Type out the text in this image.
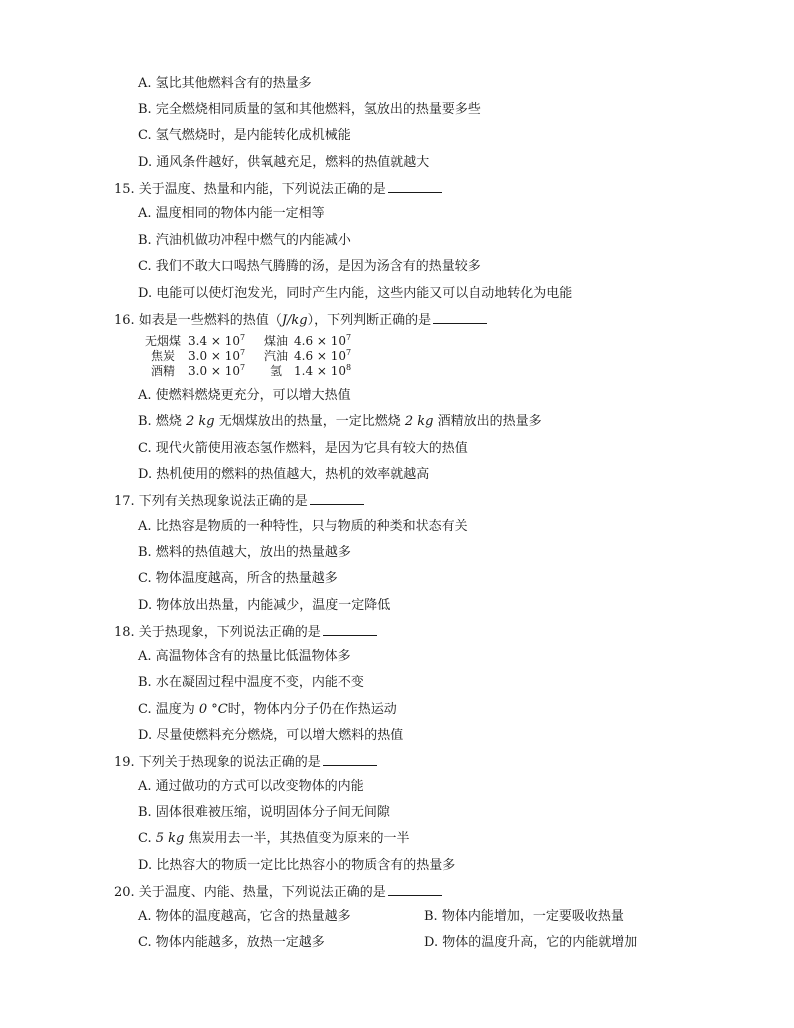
A. 氢比其他燃料含有的热量多
B. 完全燃烧相同质量的氢和其他燃料，氢放出的热量要多些
C. 氢气燃烧时，是内能转化成机械能
D. 通风条件越好，供氧越充足，燃料的热值就越大
15. 关于温度、热量和内能，下列说法正确的是
A. 温度相同的物体内能一定相等
B. 汽油机做功冲程中燃气的内能减小
C. 我们不敢大口喝热气腾腾的汤，是因为汤含有的热量较多
D. 电能可以使灯泡发光，同时产生内能，这些内能又可以自动地转化为电能
16. 如表是一些燃料的热值（J/kg），下列判断正确的是
无烟煤 $3.4 \times 10^7$	煤油 $4.6 \times 10^7$
焦炭	$3.0 \times 10^7$	汽油 $4.6 \times 10^7$
酒精	$3.0 \times 10^7$	氢	$1.4 \times 10^8$
A. 使燃料燃烧更充分，可以增大热值
B. 燃烧 2 kg 无烟煤放出的热量，一定比燃烧 2 kg 酒精放出的热量多
C. 现代火箭使用液态氢作燃料，是因为它具有较大的热值
D. 热机使用的燃料的热值越大，热机的效率就越高
17. 下列有关热现象说法正确的是
A. 比热容是物质的一种特性，只与物质的种类和状态有关
B. 燃料的热值越大，放出的热量越多
C. 物体温度越高，所含的热量越多
D. 物体放出热量，内能减少，温度一定降低
18. 关于热现象，下列说法正确的是
A. 高温物体含有的热量比低温物体多
B. 水在凝固过程中温度不变，内能不变
C. 温度为 0 °C时，物体内分子仍在作热运动
D. 尽量使燃料充分燃烧，可以增大燃料的热值
19. 下列关于热现象的说法正确的是
A. 通过做功的方式可以改变物体的内能
B. 固体很难被压缩，说明固体分子间无间隙
C. 5 kg 焦炭用去一半，其热值变为原来的一半
D. 比热容大的物质一定比比热容小的物质含有的热量多
20. 关于温度、内能、热量，下列说法正确的是
A. 物体的温度越高，它含的热量越多	B. 物体内能增加，一定要吸收热量
C. 物体内能越多，放热一定越多	D. 物体的温度升高，它的内能就增加
